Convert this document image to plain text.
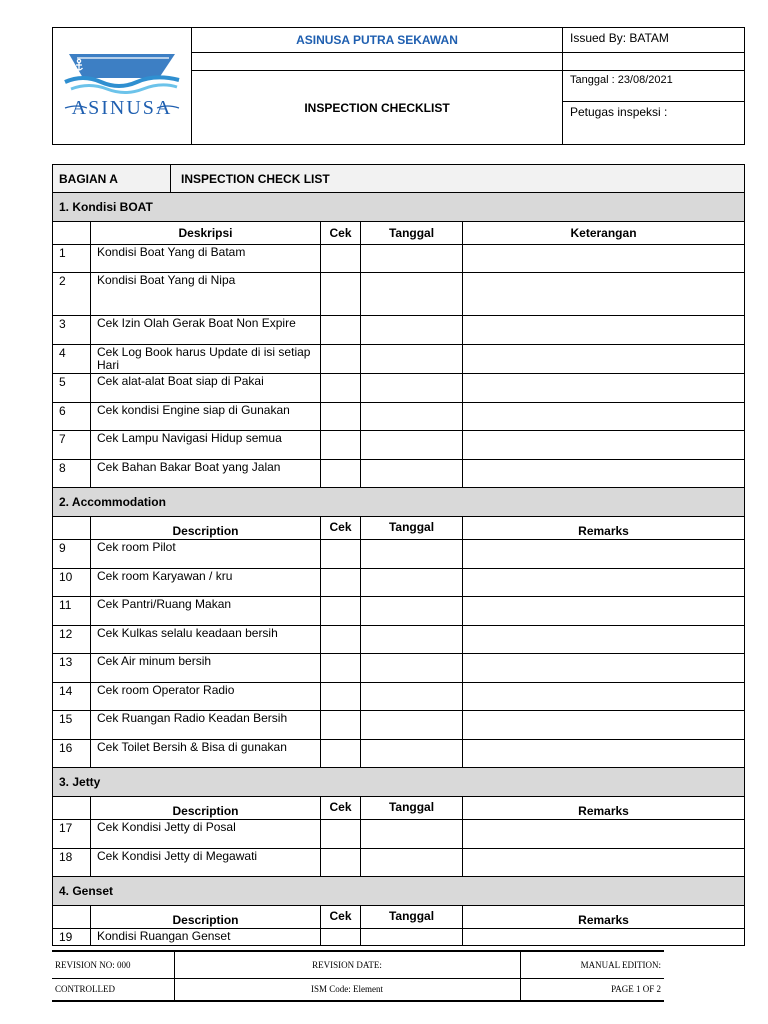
ASINUSA	ASINUSA PUTRA SEKAWAN	Issued By: BATAM

	INSPECTION CHECKLIST	Tanggal : 23/08/2021
		Petugas inspeksi :
BAGIAN A		INSPECTION CHECK LIST			
1. Kondisi BOAT					
	Deskripsi		Cek	Tanggal	Keterangan
1	Kondisi Boat Yang di Batam				
2	Kondisi Boat Yang di Nipa				
3	Cek Izin Olah Gerak Boat Non Expire				
4	Cek Log Book harus Update di isi setiap Hari				
5	Cek alat-alat Boat siap di Pakai				
6	Cek kondisi Engine siap di Gunakan				
7	Cek Lampu Navigasi Hidup semua				
8	Cek Bahan Bakar Boat yang Jalan				
2. Accommodation					
	Description		Cek	Tanggal	Remarks
9	Cek room Pilot				
10	Cek room Karyawan / kru				
11	Cek Pantri/Ruang Makan				
12	Cek Kulkas selalu keadaan bersih				
13	Cek Air minum bersih				
14	Cek room Operator Radio				
15	Cek Ruangan Radio Keadan Bersih				
16	Cek Toilet Bersih & Bisa di gunakan				
3. Jetty					
	Description		Cek	Tanggal	Remarks
17	Cek Kondisi Jetty di Posal				
18	Cek Kondisi Jetty di Megawati				
4. Genset					
	Description		Cek	Tanggal	Remarks
19	Kondisi Ruangan Genset				
REVISION NO: 000	REVISION DATE:	MANUAL EDITION:
CONTROLLED	ISM Code: Element	PAGE 1 OF 2
